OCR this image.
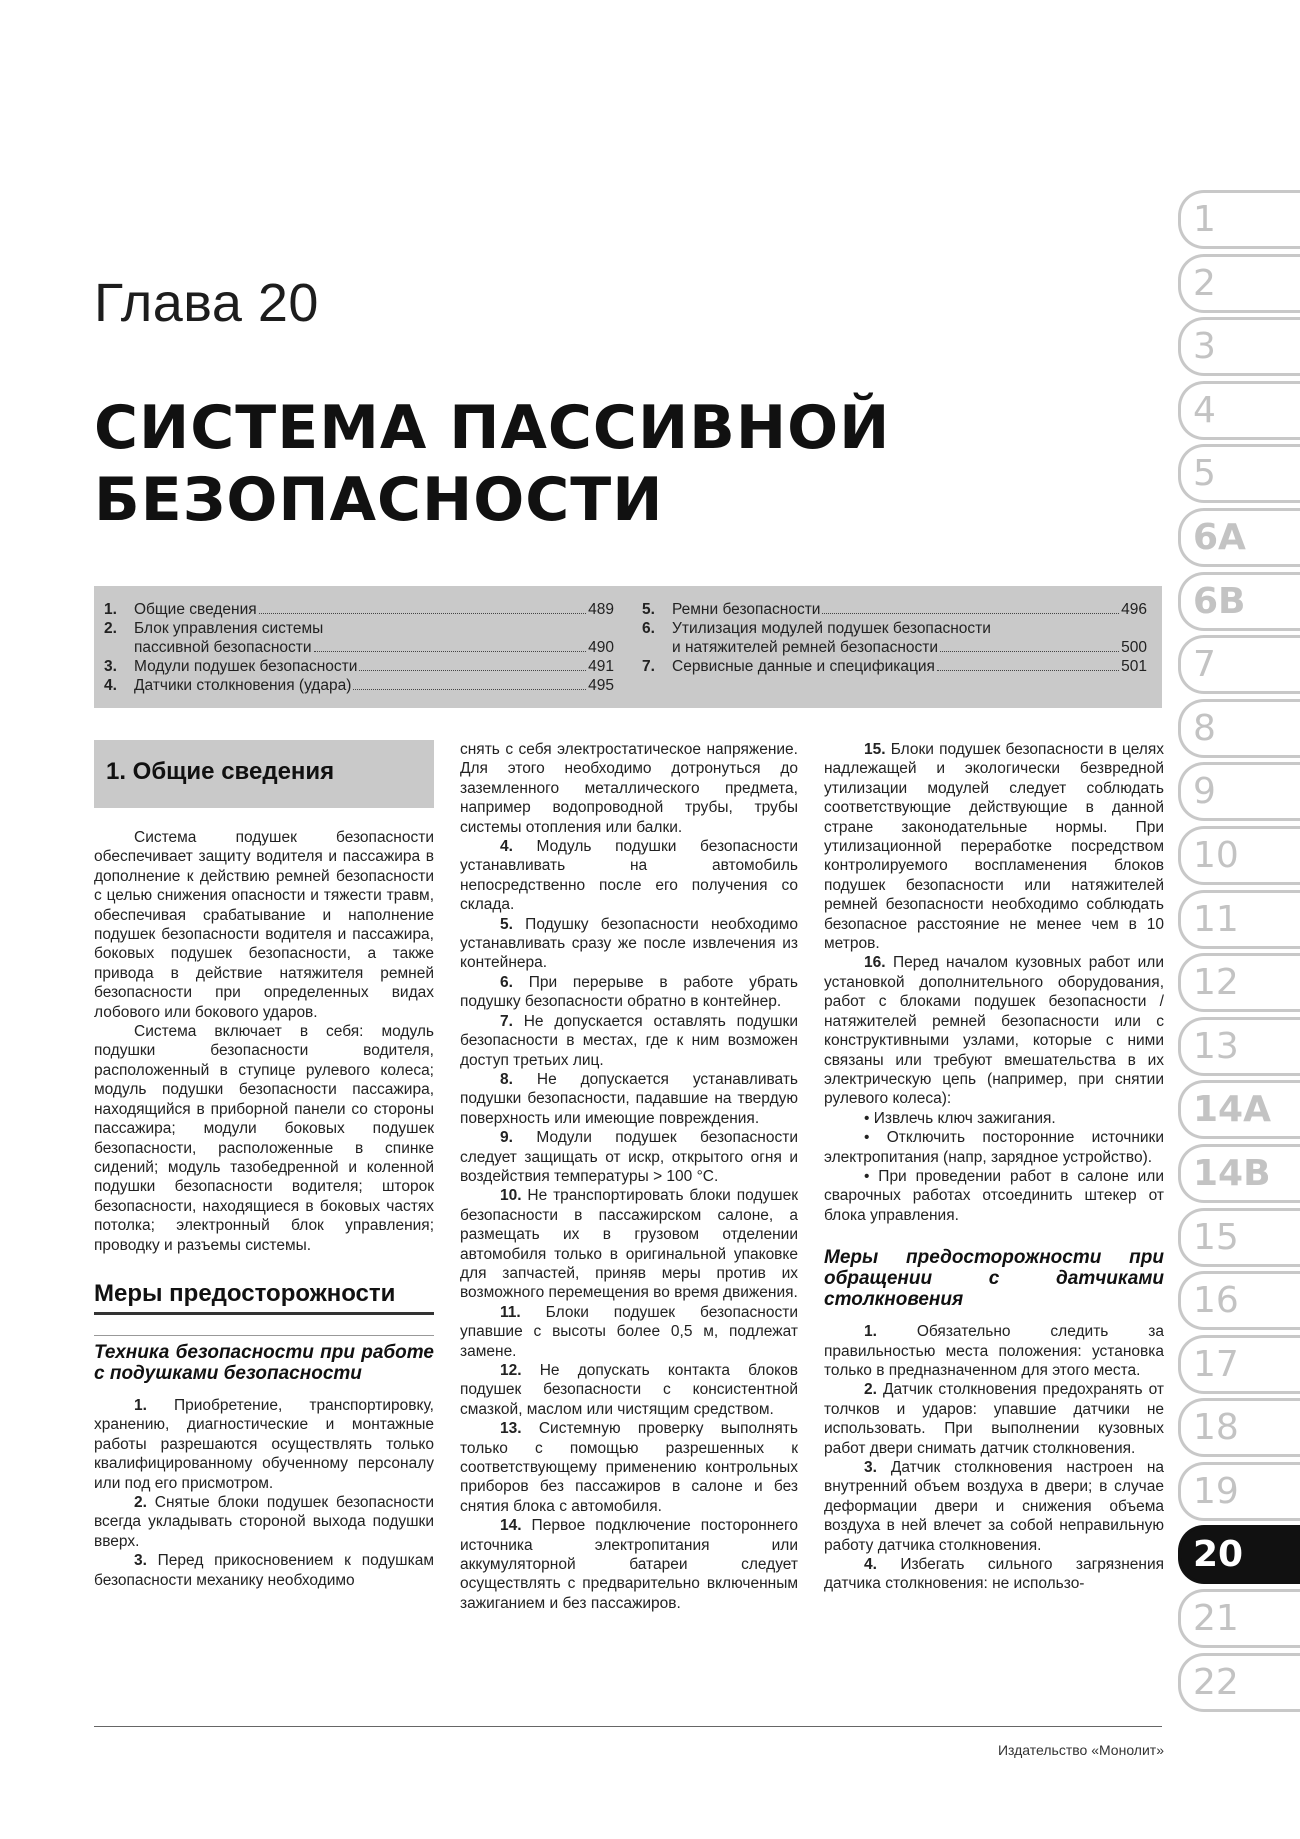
Глава 20
СИСТЕМА ПАССИВНОЙ
БЕЗОПАСНОСТИ
1.	Общие сведения	489
2.	Блок управления системы
пассивной безопасности	490
3.	Модули подушек безопасности	491
4.	Датчики столкновения (удара)	495
5.	Ремни безопасности	496
6.	Утилизация модулей подушек безопасности
и натяжителей ремней безопасности	500
7.	Сервисные данные и спецификация	501
1
2
3
4
5
6A
6B
7
8
9
10
11
12
13
14A
14B
15
16
17
18
19
20
21
22
1. Общие сведения

Система подушек безопасности обеспечивает защиту водителя и пассажира в дополнение к действию ремней безопасности с целью снижения опасности и тяжести травм, обеспечивая срабатывание и наполнение подушек безопасности водителя и пассажира, боковых подушек безопасности, а также привода в действие натяжителя ремней безопасности при определенных видах лобового или бокового ударов.

Система включает в себя: модуль подушки безопасности водителя, расположенный в ступице рулевого колеса; модуль подушки безопасности пассажира, находящийся в приборной панели со стороны пассажира; модули боковых подушек безопасности, расположенные в спинке сидений; модуль тазобедренной и коленной подушки безопасности водителя; шторок безопасности, находящиеся в боковых частях потолка; электронный блок управления; проводку и разъемы системы.

Меры предосторожности
Техника безопасности при работе с подушками безопасности

1. Приобретение, транспортировку, хранению, диагностические и монтажные работы разрешаются осуществлять только квалифицированному обученному персоналу или под его присмотром.

2. Снятые блоки подушек безопасности всегда укладывать стороной выхода подушки вверх.

3. Перед прикосновением к подушкам безопасности механику необходимо

снять с себя электростатическое напряжение. Для этого необходимо дотронуться до заземленного металлического предмета, например водопроводной трубы, трубы системы отопления или балки.

4. Модуль подушки безопасности устанавливать на автомобиль непосредственно после его получения со склада.

5. Подушку безопасности необходимо устанавливать сразу же после извлечения из контейнера.

6. При перерыве в работе убрать подушку безопасности обратно в контейнер.

7. Не допускается оставлять подушки безопасности в местах, где к ним возможен доступ третьих лиц.

8. Не допускается устанавливать подушки безопасности, падавшие на твердую поверхность или имеющие повреждения.

9. Модули подушек безопасности следует защищать от искр, открытого огня и воздействия температуры > 100 °С.

10. Не транспортировать блоки подушек безопасности в пассажирском салоне, а размещать их в грузовом отделении автомобиля только в оригинальной упаковке для запчастей, приняв меры против их возможного перемещения во время движения.

11. Блоки подушек безопасности упавшие с высоты более 0,5 м, подлежат замене.

12. Не допускать контакта блоков подушек безопасности с консистентной смазкой, маслом или чистящим средством.

13. Системную проверку выполнять только с помощью разрешенных к соответствующему применению контрольных приборов без пассажиров в салоне и без снятия блока с автомобиля.

14. Первое подключение постороннего источника электропитания или аккумуляторной батареи следует осуществлять с предварительно включенным зажиганием и без пассажиров.

15. Блоки подушек безопасности в целях надлежащей и экологически безвредной утилизации модулей следует соблюдать соответствующие действующие в данной стране законодательные нормы. При утилизационной переработке посредством контролируемого воспламенения блоков подушек безопасности или натяжителей ремней безопасности необходимо соблюдать безопасное расстояние не менее чем в 10 метров.

16. Перед началом кузовных работ или установкой дополнительного оборудования, работ с блоками подушек безопасности / натяжителей ремней безопасности или с конструктивными узлами, которые с ними связаны или требуют вмешательства в их электрическую цепь (например, при снятии рулевого колеса):

• Извлечь ключ зажигания.

• Отключить посторонние источники электропитания (напр, зарядное устройство).

• При проведении работ в салоне или сварочных работах отсоединить штекер от блока управления.

Меры предосторожности при обращении с датчиками столкновения

1. Обязательно следить за правильностью места положения: установка только в предназначенном для этого места.

2. Датчик столкновения предохранять от толчков и ударов: упавшие датчики не использовать. При выполнении кузовных работ двери снимать датчик столкновения.

3. Датчик столкновения настроен на внутренний объем воздуха в двери; в случае деформации двери и снижения объема воздуха в ней влечет за собой неправильную работу датчика столкновения.

4. Избегать сильного загрязнения датчика столкновения: не использо-

Издательство «Монолит»
